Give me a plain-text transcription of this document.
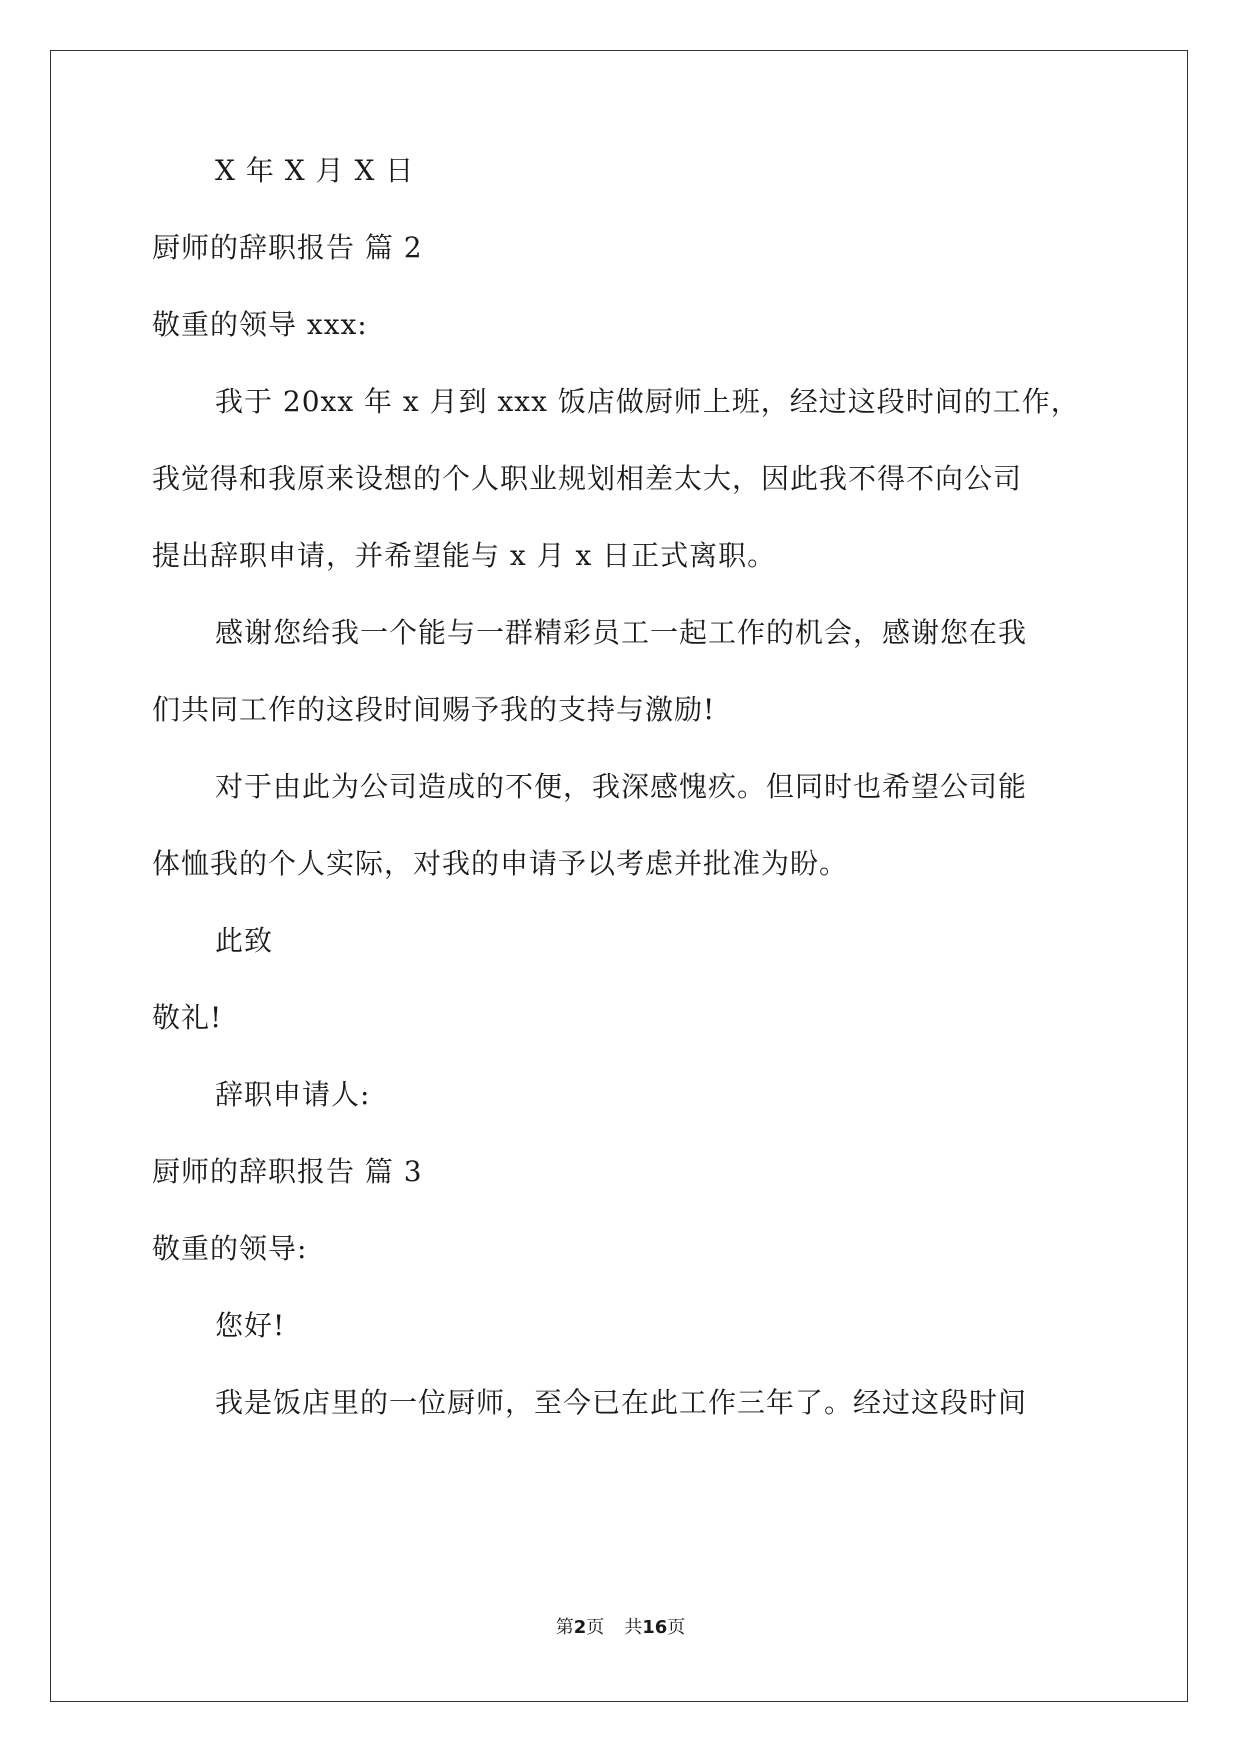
X 年 X 月 X 日
厨师的辞职报告 篇 2
敬重的领导 xxx:
我于 20xx 年 x 月到 xxx 饭店做厨师上班，经过这段时间的工作，
我觉得和我原来设想的个人职业规划相差太大，因此我不得不向公司
提出辞职申请，并希望能与 x 月 x 日正式离职。
感谢您给我一个能与一群精彩员工一起工作的机会，感谢您在我
们共同工作的这段时间赐予我的支持与激励!
对于由此为公司造成的不便，我深感愧疚。但同时也希望公司能
体恤我的个人实际，对我的申请予以考虑并批准为盼。
此致
敬礼!
辞职申请人:
厨师的辞职报告 篇 3
敬重的领导:
您好!
我是饭店里的一位厨师，至今已在此工作三年了。经过这段时间
第2页 共16页
